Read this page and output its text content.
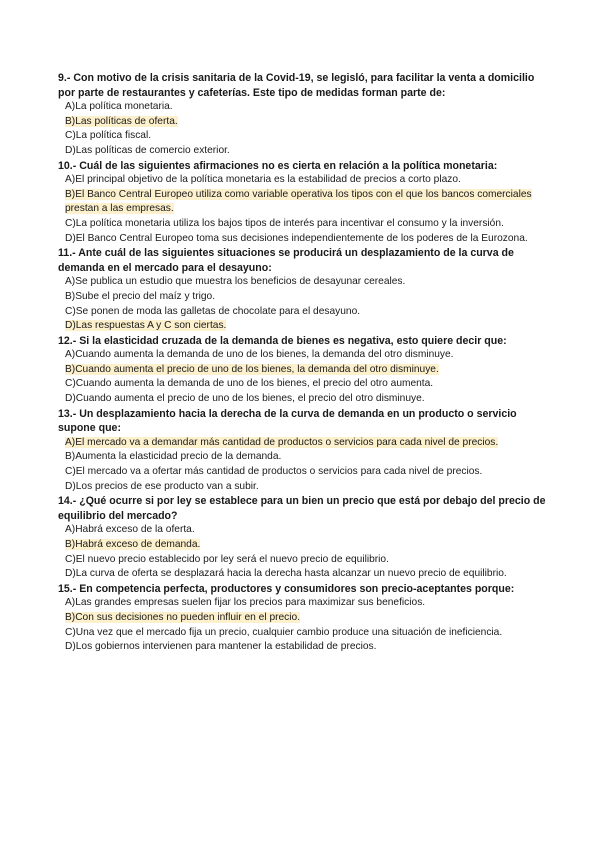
9.- Con motivo de la crisis sanitaria de la Covid-19, se legisló, para facilitar la venta a domicilio por parte de restaurantes y cafeterías. Este tipo de medidas forman parte de:

A)La política monetaria.

B)Las políticas de oferta.

C)La política fiscal.

D)Las políticas de comercio exterior.

10.- Cuál de las siguientes afirmaciones no es cierta en relación a la política monetaria:

A)El principal objetivo de la política monetaria es la estabilidad de precios a corto plazo.

B)El Banco Central Europeo utiliza como variable operativa los tipos con el que los bancos comerciales prestan a las empresas.

C)La política monetaria utiliza los bajos tipos de interés para incentivar el consumo y la inversión.

D)El Banco Central Europeo toma sus decisiones independientemente de los poderes de la Eurozona.

11.- Ante cuál de las siguientes situaciones se producirá un desplazamiento de la curva de demanda en el mercado para el desayuno:

A)Se publica un estudio que muestra los beneficios de desayunar cereales.

B)Sube el precio del maíz y trigo.

C)Se ponen de moda las galletas de chocolate para el desayuno.

D)Las respuestas A y C son ciertas.

12.- Si la elasticidad cruzada de la demanda de bienes es negativa, esto quiere decir que:

A)Cuando aumenta la demanda de uno de los bienes, la demanda del otro disminuye.

B)Cuando aumenta el precio de uno de los bienes, la demanda del otro disminuye.

C)Cuando aumenta la demanda de uno de los bienes, el precio del otro aumenta.

D)Cuando aumenta el precio de uno de los bienes, el precio del otro disminuye.

13.- Un desplazamiento hacia la derecha de la curva de demanda en un producto o servicio supone que:

A)El mercado va a demandar más cantidad de productos o servicios para cada nivel de precios.

B)Aumenta la elasticidad precio de la demanda.

C)El mercado va a ofertar más cantidad de productos o servicios para cada nivel de precios.

D)Los precios de ese producto van a subir.

14.- ¿Qué ocurre si por ley se establece para un bien un precio que está por debajo del precio de equilibrio del mercado?

A)Habrá exceso de la oferta.

B)Habrá exceso de demanda.

C)El nuevo precio establecido por ley será el nuevo precio de equilibrio.

D)La curva de oferta se desplazará hacia la derecha hasta alcanzar un nuevo precio de equilibrio.

15.- En competencia perfecta, productores y consumidores son precio-aceptantes porque:

A)Las grandes empresas suelen fijar los precios para maximizar sus beneficios.

B)Con sus decisiones no pueden influir en el precio.

C)Una vez que el mercado fija un precio, cualquier cambio produce una situación de ineficiencia.

D)Los gobiernos intervienen para mantener la estabilidad de precios.
